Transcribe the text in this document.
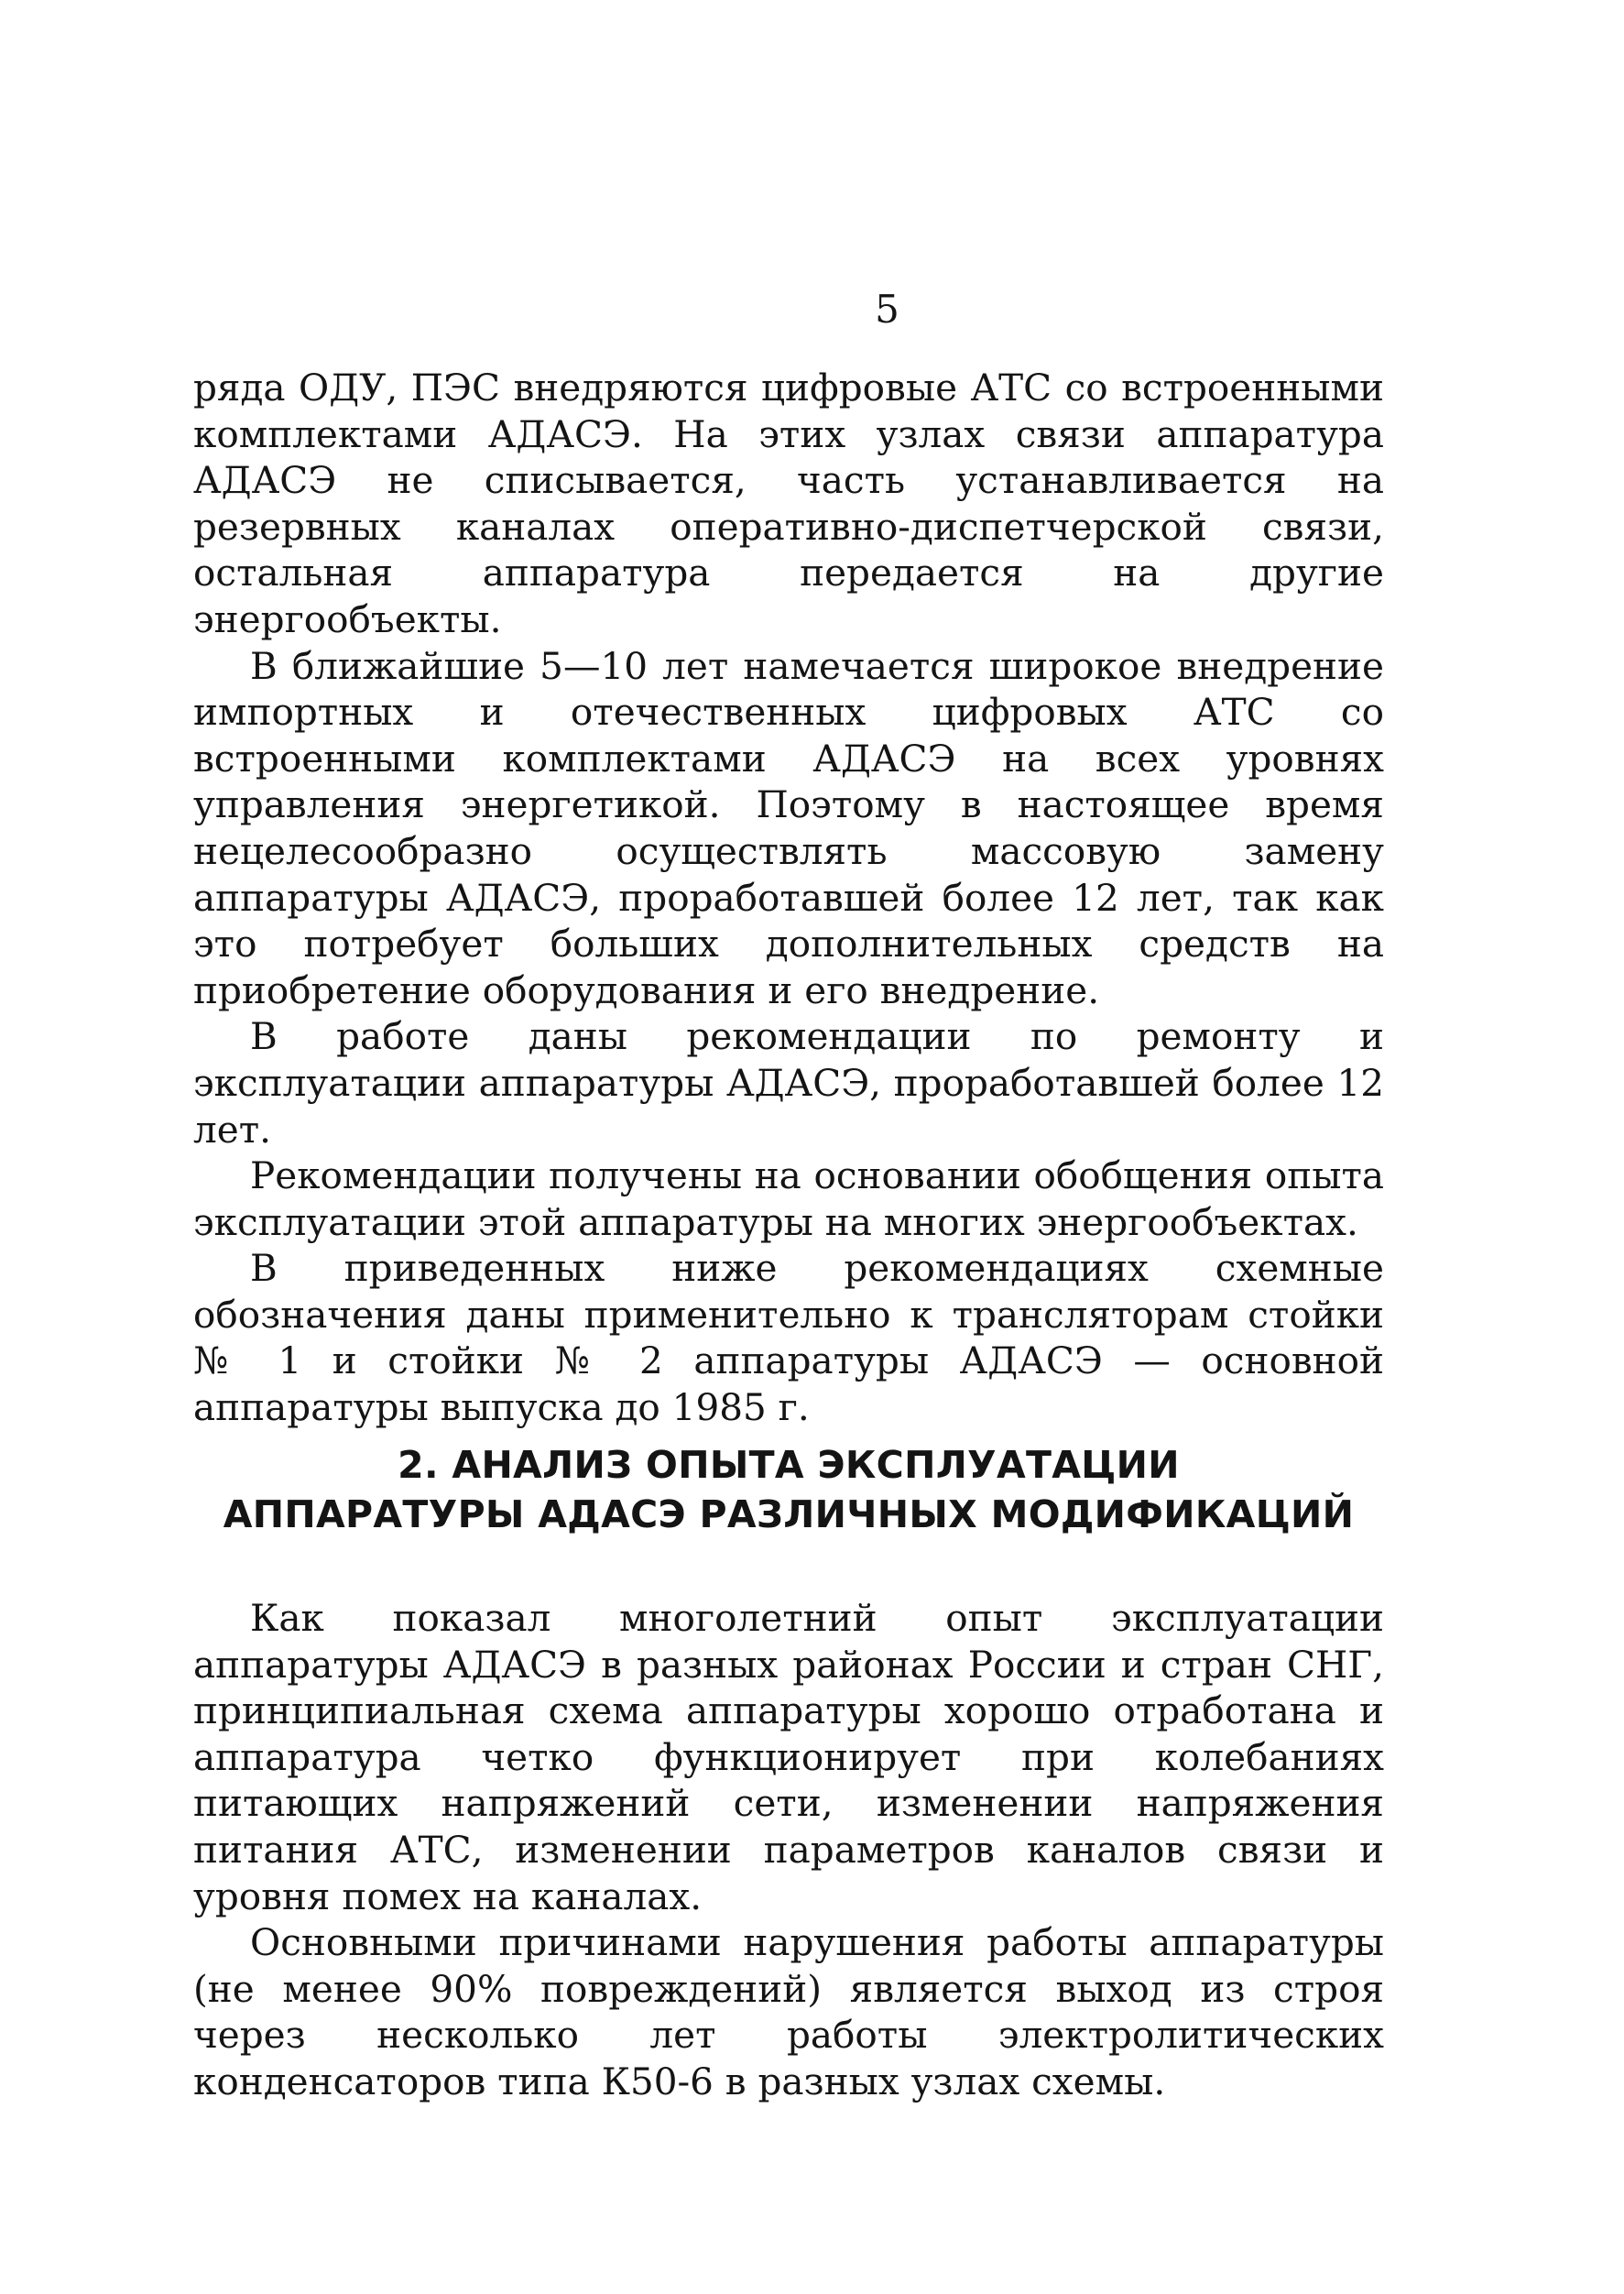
5

ряда ОДУ, ПЭС внедряются цифровые АТС со встроенными комплектами АДАСЭ. На этих узлах связи аппаратура АДАСЭ не списывается, часть устанавливается на резервных каналах оперативно-диспетчерской связи, остальная аппаратура передается на другие энергообъекты.

В ближайшие 5—10 лет намечается широкое внедрение импортных и отечественных цифровых АТС со встроенными комплектами АДАСЭ на всех уровнях управления энергетикой. Поэтому в настоящее время нецелесообразно осуществлять массовую замену аппаратуры АДАСЭ, проработавшей более 12 лет, так как это потребует больших дополнительных средств на приобретение оборудования и его внедрение.

В работе даны рекомендации по ремонту и эксплуатации аппаратуры АДАСЭ, проработавшей более 12 лет.

Рекомендации получены на основании обобщения опыта эксплуатации этой аппаратуры на многих энергообъектах.

В приведенных ниже рекомендациях схемные обозначения даны применительно к трансляторам стойки № 1 и стойки № 2 аппаратуры АДАСЭ — основной аппаратуры выпуска до 1985 г.

2. АНАЛИЗ ОПЫТА ЭКСПЛУАТАЦИИ
АППАРАТУРЫ АДАСЭ РАЗЛИЧНЫХ МОДИФИКАЦИЙ

Как показал многолетний опыт эксплуатации аппаратуры АДАСЭ в разных районах России и стран СНГ, принципиальная схема аппаратуры хорошо отработана и аппаратура четко функционирует при колебаниях питающих напряжений сети, изменении напряжения питания АТС, изменении параметров каналов связи и уровня помех на каналах.

Основными причинами нарушения работы аппаратуры (не менее 90% повреждений) является выход из строя через несколько лет работы электролитических конденсаторов типа К50-6 в разных узлах схемы.
